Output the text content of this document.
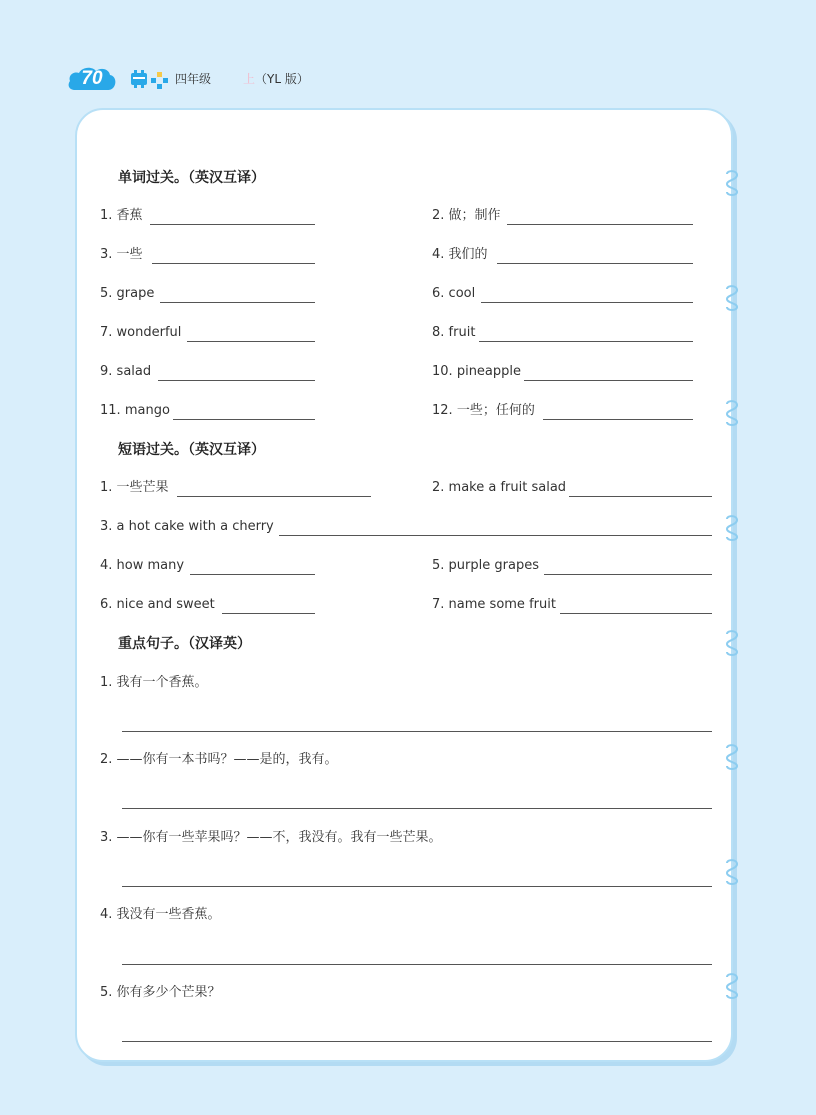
70	四年级	上（YL 版）
单词过关。（英汉互译）
1. 香蕉	2. 做；制作
3. 一些	4. 我们的
5. grape	6. cool
7. wonderful	8. fruit
9. salad	10. pineapple
11. mango	12. 一些；任何的
短语过关。（英汉互译）
1. 一些芒果	2. make a fruit salad
3. a hot cake with a cherry
4. how many	5. purple grapes
6. nice and sweet	7. name some fruit
重点句子。（汉译英）
1. 我有一个香蕉。
2. ——你有一本书吗？——是的，我有。
3. ——你有一些苹果吗？——不，我没有。我有一些芒果。
4. 我没有一些香蕉。
5. 你有多少个芒果？
